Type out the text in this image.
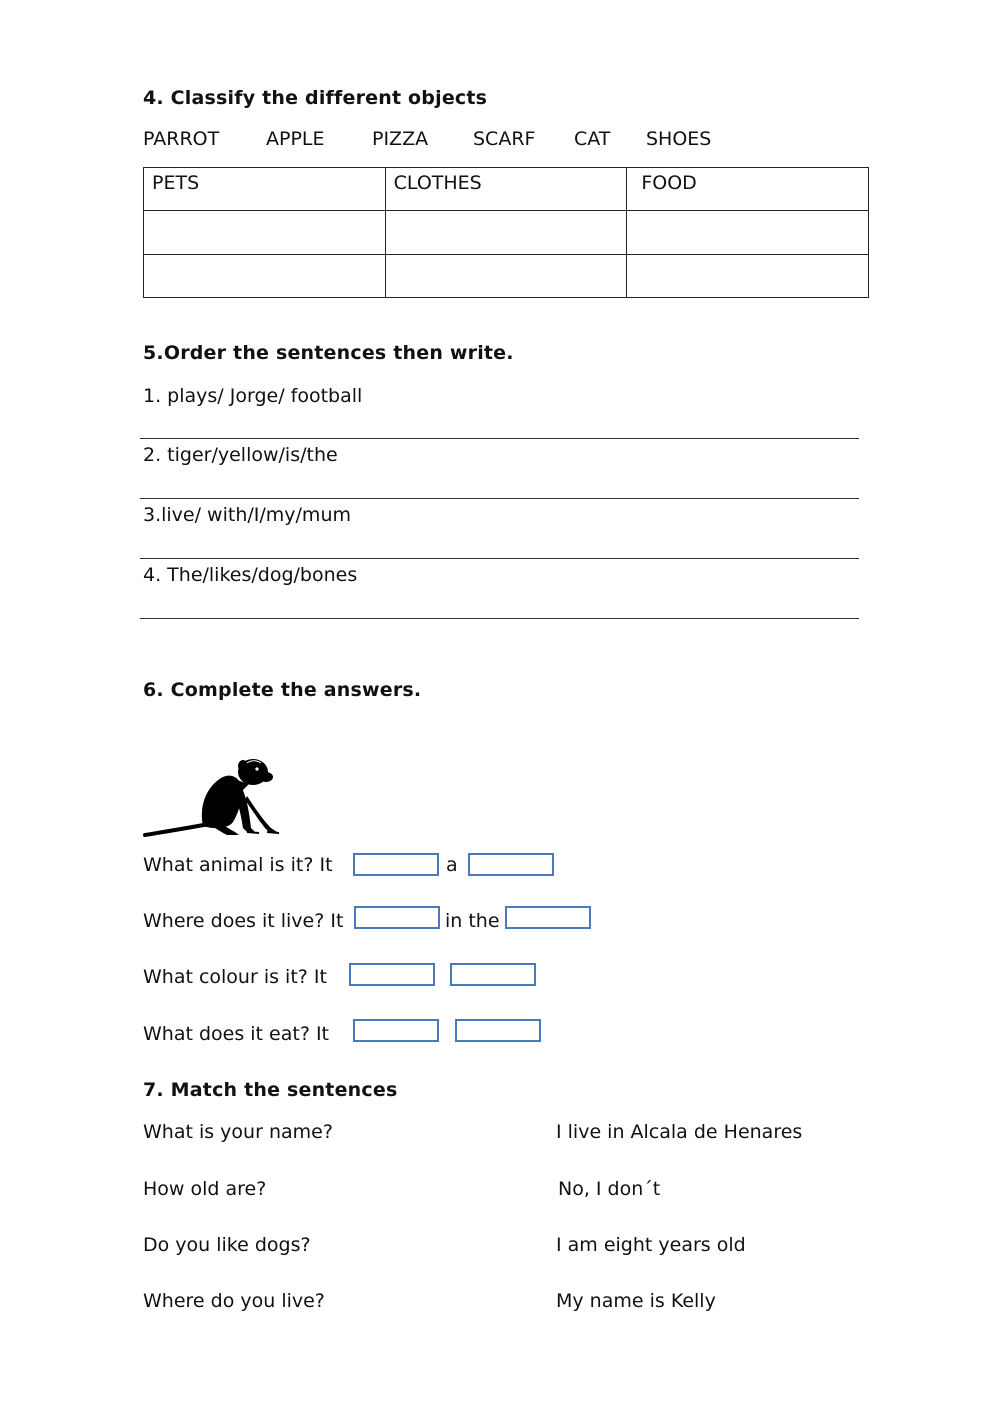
4. Classify the different objects
PARROT APPLE PIZZA SCARF CAT SHOES
PETS	CLOTHES	FOOD

5.Order the sentences then write.
1. plays/ Jorge/ football
2. tiger/yellow/is/the
3.live/ with/I/my/mum
4. The/likes/dog/bones
6. Complete the answers.
What animal is it? It	a
Where does it live? It	in the
What colour is it? It
What does it eat? It
7. Match the sentences
What is your name?	I live in Alcala de Henares
How old are?	No, I don´t
Do you like dogs?	I am eight years old
Where do you live?	My name is Kelly
